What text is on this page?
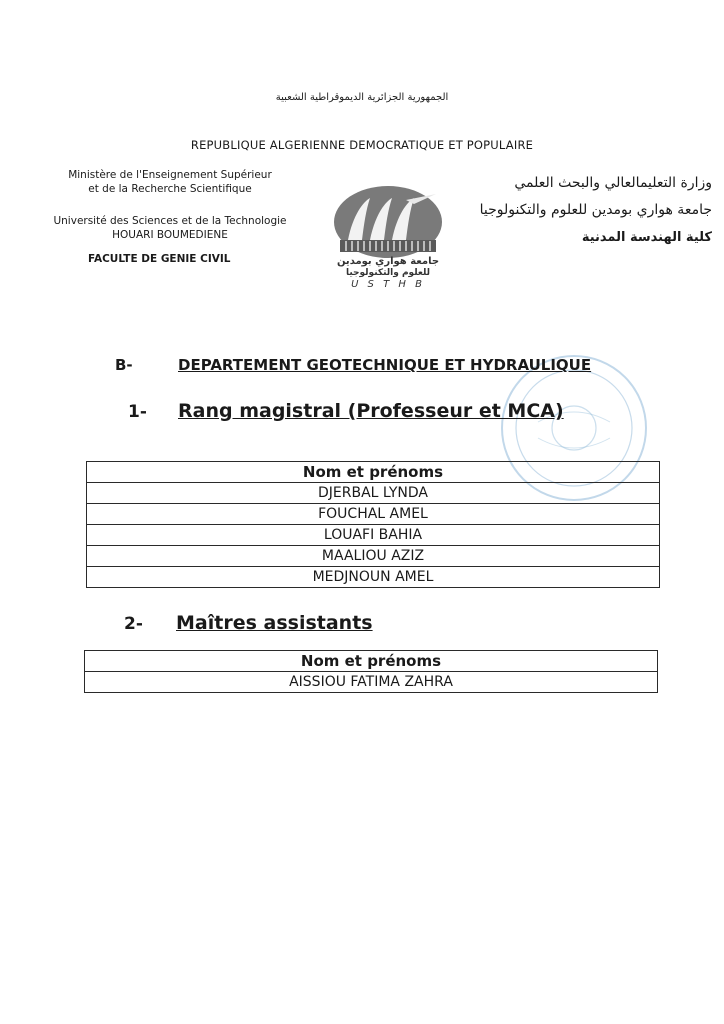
الجمهورية الجزائرية الديموقراطية الشعبية
REPUBLIQUE ALGERIENNE DEMOCRATIQUE ET POPULAIRE
Ministère de l'Enseignement Supérieur
et de la Recherche Scientifique
Université des Sciences et de la Technologie
HOUARI BOUMEDIENE
FACULTE DE GENIE CIVIL
وزارة التعليمالعالي والبحث العلمي
جامعة هواري بومدين للعلوم والتكنولوجيا
كلية الهندسة المدنية
جامعة هواري بومدين
للعلوم والتكنولوجيا
U S T H B
B-	DEPARTEMENT GEOTECHNIQUE ET HYDRAULIQUE
1- Rang magistral (Professeur et MCA)
Nom et prénoms
DJERBAL LYNDA
FOUCHAL AMEL
LOUAFI BAHIA
MAALIOU AZIZ
MEDJNOUN AMEL
2- Maîtres assistants
Nom et prénoms
AISSIOU FATIMA ZAHRA
